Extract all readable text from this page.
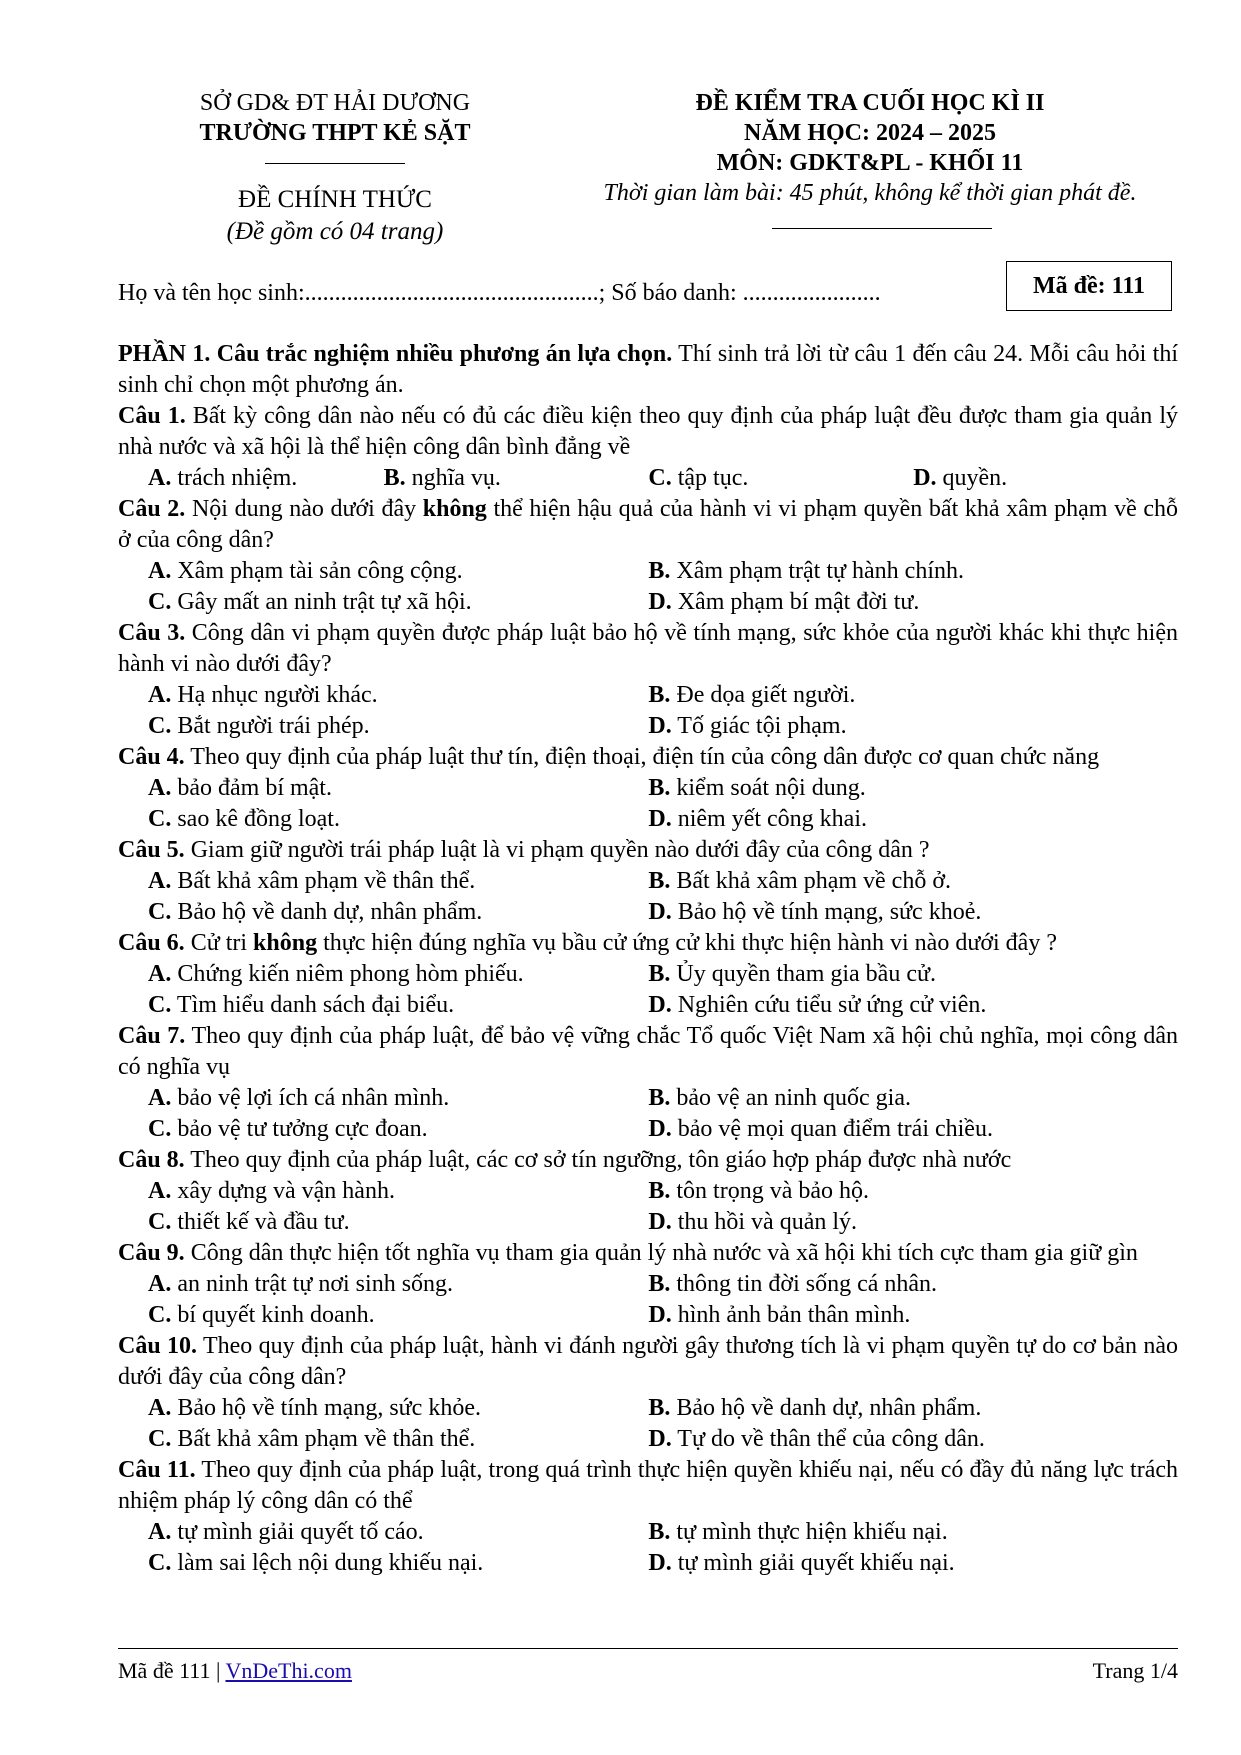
SỞ GD& ĐT HẢI DƯƠNG
TRƯỜNG THPT KẺ SẶT
ĐỀ CHÍNH THỨC
(Đề gồm có 04 trang)
ĐỀ KIỂM TRA CUỐI HỌC KÌ II
NĂM HỌC: 2024 – 2025
MÔN: GDKT&PL - KHỐI 11
Thời gian làm bài: 45 phút, không kể thời gian phát đề.
Họ và tên học sinh:.................................................; Số báo danh: .......................	Mã đề: 111

PHẦN 1. Câu trắc nghiệm nhiều phương án lựa chọn. Thí sinh trả lời từ câu 1 đến câu 24. Mỗi câu hỏi thí sinh chỉ chọn một phương án.

Câu 1. Bất kỳ công dân nào nếu có đủ các điều kiện theo quy định của pháp luật đều được tham gia quản lý nhà nước và xã hội là thể hiện công dân bình đẳng về

A. trách nhiệm.	B. nghĩa vụ.	C. tập tục.	D. quyền.

Câu 2. Nội dung nào dưới đây không thể hiện hậu quả của hành vi vi phạm quyền bất khả xâm phạm về chỗ ở của công dân?

A. Xâm phạm tài sản công cộng.	B. Xâm phạm trật tự hành chính.
C. Gây mất an ninh trật tự xã hội.	D. Xâm phạm bí mật đời tư.

Câu 3. Công dân vi phạm quyền được pháp luật bảo hộ về tính mạng, sức khỏe của người khác khi thực hiện hành vi nào dưới đây?

A. Hạ nhục người khác.	B. Đe dọa giết người.
C. Bắt người trái phép.	D. Tố giác tội phạm.

Câu 4. Theo quy định của pháp luật thư tín, điện thoại, điện tín của công dân được cơ quan chức năng

A. bảo đảm bí mật.	B. kiểm soát nội dung.
C. sao kê đồng loạt.	D. niêm yết công khai.

Câu 5. Giam giữ người trái pháp luật là vi phạm quyền nào dưới đây của công dân ?

A. Bất khả xâm phạm về thân thể.	B. Bất khả xâm phạm về chỗ ở.
C. Bảo hộ về danh dự, nhân phẩm.	D. Bảo hộ về tính mạng, sức khoẻ.

Câu 6. Cử tri không thực hiện đúng nghĩa vụ bầu cử ứng cử khi thực hiện hành vi nào dưới đây ?

A. Chứng kiến niêm phong hòm phiếu.	B. Ủy quyền tham gia bầu cử.
C. Tìm hiểu danh sách đại biểu.	D. Nghiên cứu tiểu sử ứng cử viên.

Câu 7. Theo quy định của pháp luật, để bảo vệ vững chắc Tổ quốc Việt Nam xã hội chủ nghĩa, mọi công dân có nghĩa vụ

A. bảo vệ lợi ích cá nhân mình.	B. bảo vệ an ninh quốc gia.
C. bảo vệ tư tưởng cực đoan.	D. bảo vệ mọi quan điểm trái chiều.

Câu 8. Theo quy định của pháp luật, các cơ sở tín ngưỡng, tôn giáo hợp pháp được nhà nước

A. xây dựng và vận hành.	B. tôn trọng và bảo hộ.
C. thiết kế và đầu tư.	D. thu hồi và quản lý.

Câu 9. Công dân thực hiện tốt nghĩa vụ tham gia quản lý nhà nước và xã hội khi tích cực tham gia giữ gìn

A. an ninh trật tự nơi sinh sống.	B. thông tin đời sống cá nhân.
C. bí quyết kinh doanh.	D. hình ảnh bản thân mình.

Câu 10. Theo quy định của pháp luật, hành vi đánh người gây thương tích là vi phạm quyền tự do cơ bản nào dưới đây của công dân?

A. Bảo hộ về tính mạng, sức khỏe.	B. Bảo hộ về danh dự, nhân phẩm.
C. Bất khả xâm phạm về thân thể.	D. Tự do về thân thể của công dân.

Câu 11. Theo quy định của pháp luật, trong quá trình thực hiện quyền khiếu nại, nếu có đầy đủ năng lực trách nhiệm pháp lý công dân có thể

A. tự mình giải quyết tố cáo.	B. tự mình thực hiện khiếu nại.
C. làm sai lệch nội dung khiếu nại.	D. tự mình giải quyết khiếu nại.
Mã đề 111 | VnDeThi.com	Trang 1/4
